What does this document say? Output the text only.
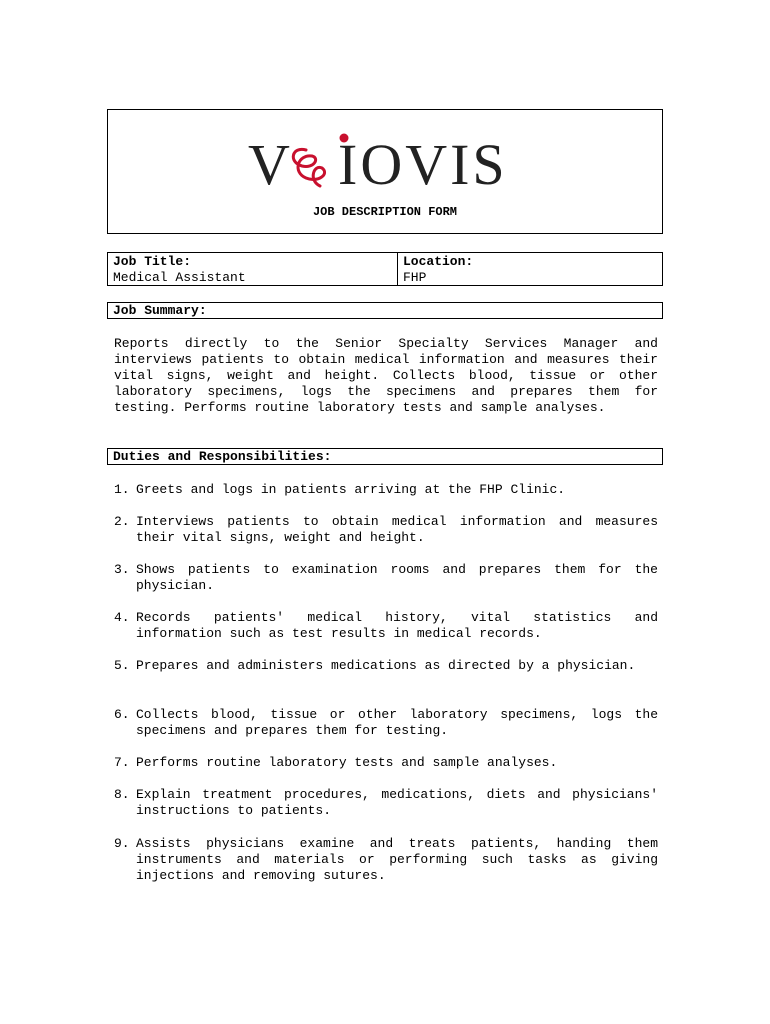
V IOVIS
JOB DESCRIPTION FORM
Job Title:
Medical Assistant
Location:
FHP
Job Summary:
Reports directly to the Senior Specialty Services Manager and interviews patients to obtain medical information and measures their vital signs, weight and height. Collects blood, tissue or other laboratory specimens, logs the specimens and prepares them for testing. Performs routine laboratory tests and sample analyses.
Duties and Responsibilities:
1. Greets and logs in patients arriving at the FHP Clinic.
2. Interviews patients to obtain medical information and measures their vital signs, weight and height.
3. Shows patients to examination rooms and prepares them for the physician.
4. Records patients' medical history, vital statistics and information such as test results in medical records.
5. Prepares and administers medications as directed by a physician.
6. Collects blood, tissue or other laboratory specimens, logs the specimens and prepares them for testing.
7. Performs routine laboratory tests and sample analyses.
8. Explain treatment procedures, medications, diets and physicians' instructions to patients.
9. Assists physicians examine and treats patients, handing them instruments and materials or performing such tasks as giving injections and removing sutures.
